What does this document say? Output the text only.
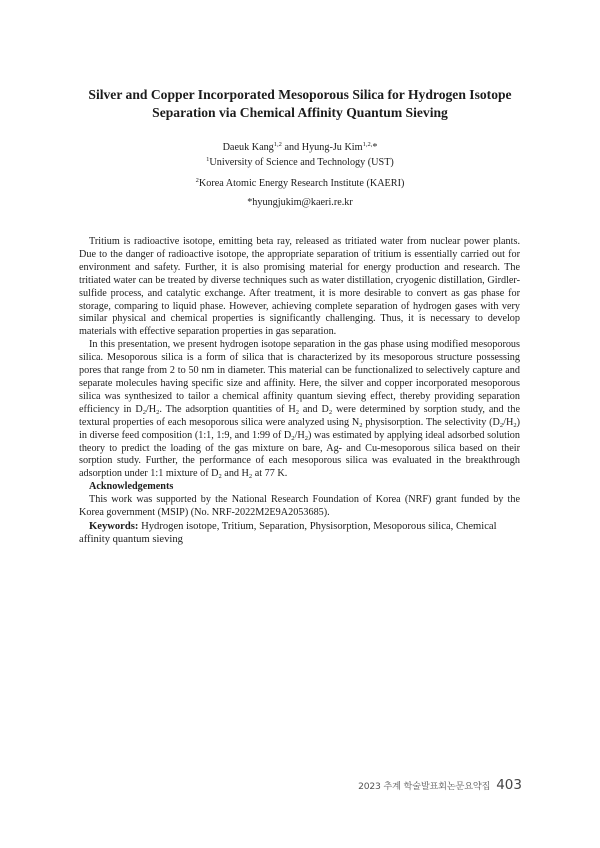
Silver and Copper Incorporated Mesoporous Silica for Hydrogen Isotope
Separation via Chemical Affinity Quantum Sieving
Daeuk Kang$^{1,2}$ and Hyung-Ju Kim$^{1,2,}$*
$^1$University of Science and Technology (UST)
$^2$Korea Atomic Energy Research Institute (KAERI)
*hyungjukim@kaeri.re.kr

Tritium is radioactive isotope, emitting beta ray, released as tritiated water from nuclear power plants. Due to the danger of radioactive isotope, the appropriate separation of tritium is essentially carried out for environment and safety. Further, it is also promising material for energy production and research. The tritiated water can be treated by diverse techniques such as water distillation, cryogenic distillation, Girdler-sulfide process, and catalytic exchange. After treatment, it is more desirable to convert as gas phase for storage, comparing to liquid phase. However, achieving complete separation of hydrogen gases with very similar physical and chemical properties is significantly challenging. Thus, it is necessary to develop materials with effective separation properties in gas separation.

In this presentation, we present hydrogen isotope separation in the gas phase using modified mesoporous silica. Mesoporous silica is a form of silica that is characterized by its mesoporous structure possessing pores that range from 2 to 50 nm in diameter. This material can be functionalized to selectively capture and separate molecules having specific size and affinity. Here, the silver and copper incorporated mesoporous silica was synthesized to tailor a chemical affinity quantum sieving effect, thereby providing separation efficiency in $D_2/H_2$. The adsorption quantities of $H_2$ and $D_2$ were determined by sorption study, and the textural properties of each mesoporous silica were analyzed using $N_2$ physisorption. The selectivity $(D_2/H_2)$ in diverse feed composition (1:1, 1:9, and 1:99 of $D_2/H_2$) was estimated by applying ideal adsorbed solution theory to predict the loading of the gas mixture on bare, Ag- and Cu-mesoporous silica based on their sorption study. Further, the performance of each mesoporous silica was evaluated in the breakthrough adsorption under 1:1 mixture of $D_2$ and $H_2$ at 77 K.

Acknowledgements

This work was supported by the National Research Foundation of Korea (NRF) grant funded by the Korea government (MSIP) (No. NRF-2022M2E9A2053685).

Keywords: Hydrogen isotope, Tritium, Separation, Physisorption, Mesoporous silica, Chemical affinity quantum sieving

2023 추계 학술발표회논문요약집 403
